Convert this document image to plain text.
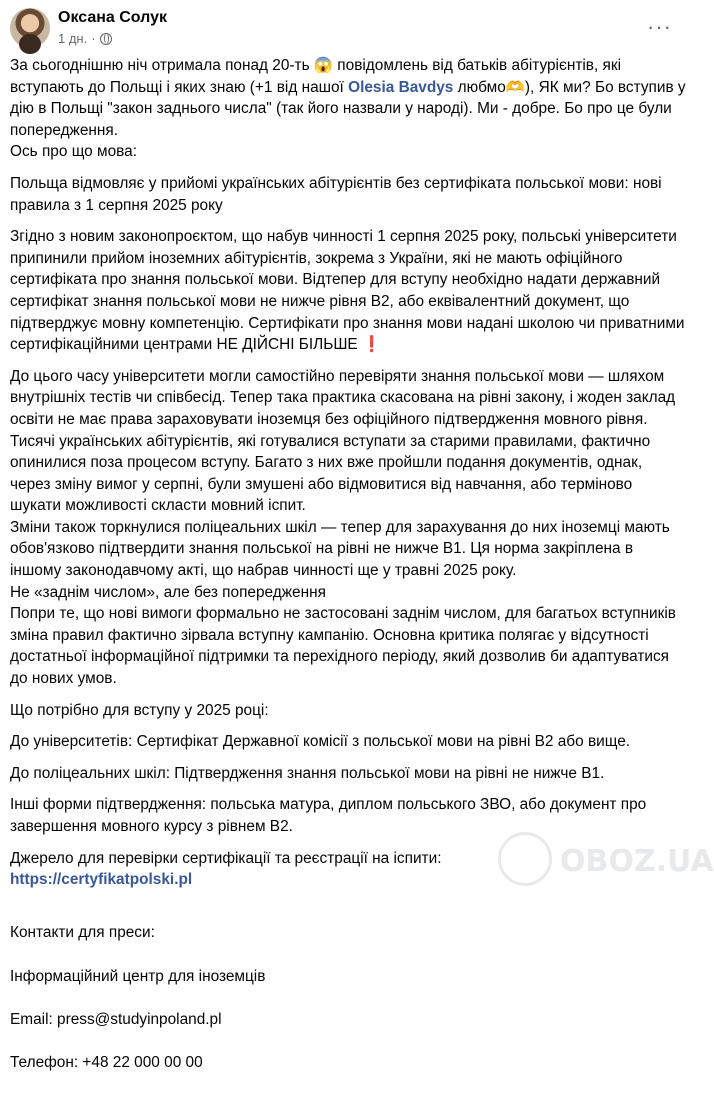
Оксана Солук
1 дн. ·	···
За сьогоднішню ніч отримала понад 20-ть 😱 повідомлень від батьків абітурієнтів, які вступають до Польщі і яких знаю (+1 від нашої Olesia Bavdys любмо🫶), ЯК ми? Бо вступив у дію в Польщі "закон заднього числа" (так його назвали у народі). Ми - добре. Бо про це були попередження.
Ось про що мова:
Польща відмовляє у прийомі українських абітурієнтів без сертифіката польської мови: нові правила з 1 серпня 2025 року
Згідно з новим законопроєктом, що набув чинності 1 серпня 2025 року, польські університети припинили прийом іноземних абітурієнтів, зокрема з України, які не мають офіційного сертифіката про знання польської мови. Відтепер для вступу необхідно надати державний сертифікат знання польської мови не нижче рівня B2, або еквівалентний документ, що підтверджує мовну компетенцію. Сертифікати про знання мови надані школою чи приватними сертифікаційними центрами НЕ ДІЙСНІ БІЛЬШЕ ❗
До цього часу університети могли самостійно перевіряти знання польської мови — шляхом внутрішніх тестів чи співбесід. Тепер така практика скасована на рівні закону, і жоден заклад освіти не має права зараховувати іноземця без офіційного підтвердження мовного рівня.
Тисячі українських абітурієнтів, які готувалися вступати за старими правилами, фактично опинилися поза процесом вступу. Багато з них вже пройшли подання документів, однак, через зміну вимог у серпні, були змушені або відмовитися від навчання, або терміново шукати можливості скласти мовний іспит.
Зміни також торкнулися поліцеальних шкіл — тепер для зарахування до них іноземці мають обов'язково підтвердити знання польської на рівні не нижче B1. Ця норма закріплена в іншому законодавчому акті, що набрав чинності ще у травні 2025 року.
Не «заднім числом», але без попередження
Попри те, що нові вимоги формально не застосовані заднім числом, для багатьох вступників зміна правил фактично зірвала вступну кампанію. Основна критика полягає у відсутності достатньої інформаційної підтримки та перехідного періоду, який дозволив би адаптуватися до нових умов.
Що потрібно для вступу у 2025 році:
До університетів: Сертифікат Державної комісії з польської мови на рівні B2 або вище.
До поліцеальних шкіл: Підтвердження знання польської мови на рівні не нижче B1.
Інші форми підтвердження: польська матура, диплом польського ЗВО, або документ про завершення мовного курсу з рівнем B2.
Джерело для перевірки сертифікації та реєстрації на іспити:
https://certyfikatpolski.pl

Контакти для преси:

Інформаційний центр для іноземців

Email: press@studyinpoland.pl

Телефон: +48 22 000 00 00

OBOZ.UA
